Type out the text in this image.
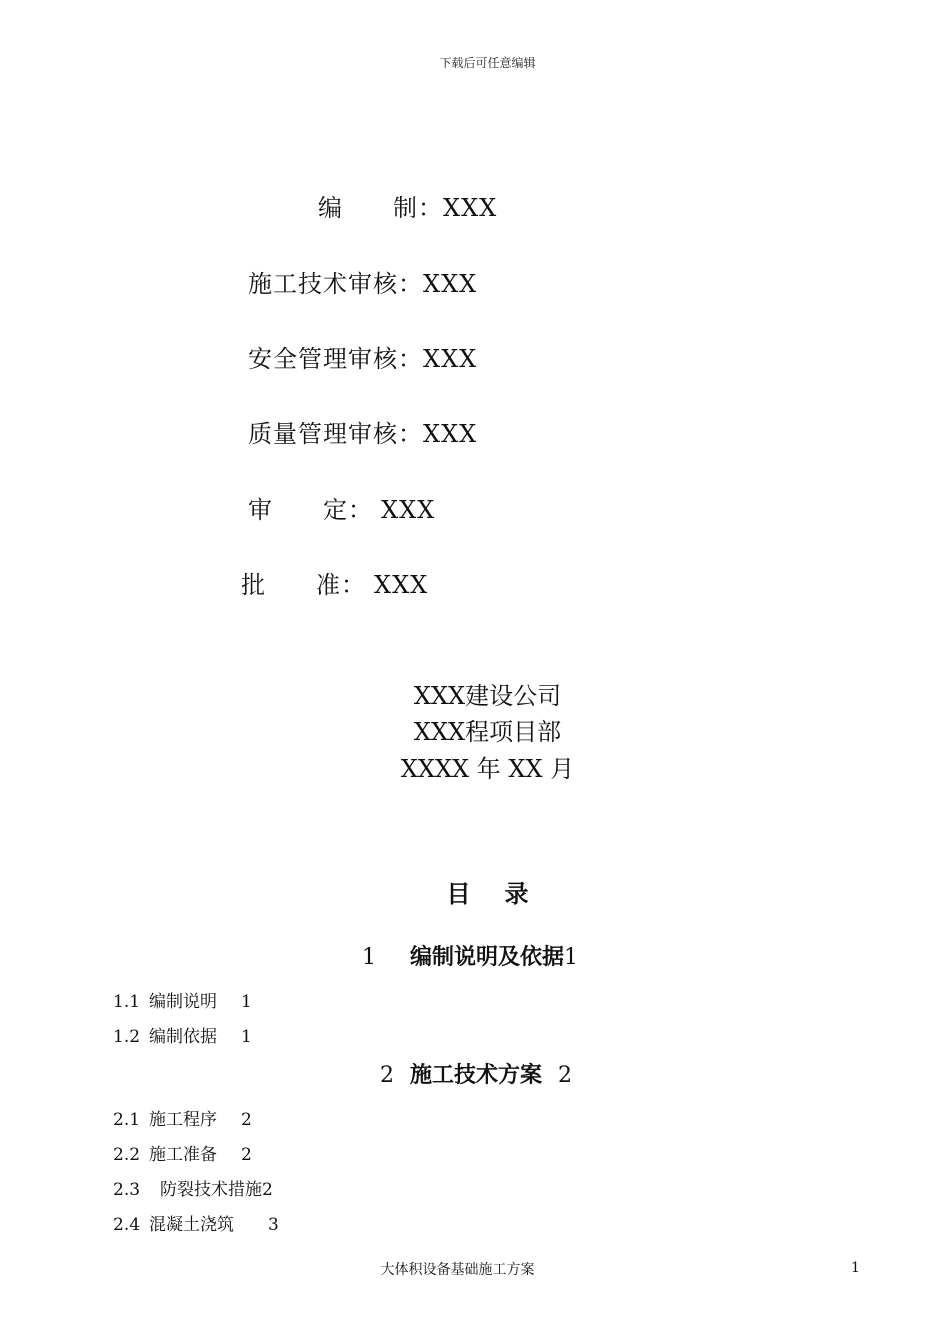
下载后可任意编辑
编 制：XXX
施工技术审核：XXX
安全管理审核：XXX
质量管理审核：XXX
审 定： XXX
批 准： XXX
XXX建设公司
XXX程项目部
XXXX 年 XX 月
目 录
1 编制说明及依据1
1.1 编制说明 1
1.2 编制依据 1
2 施工技术方案 2
2.1 施工程序 2
2.2 施工准备 2
2.3 防裂技术措施2
2.4 混凝土浇筑 3
大体积设备基础施工方案	1
